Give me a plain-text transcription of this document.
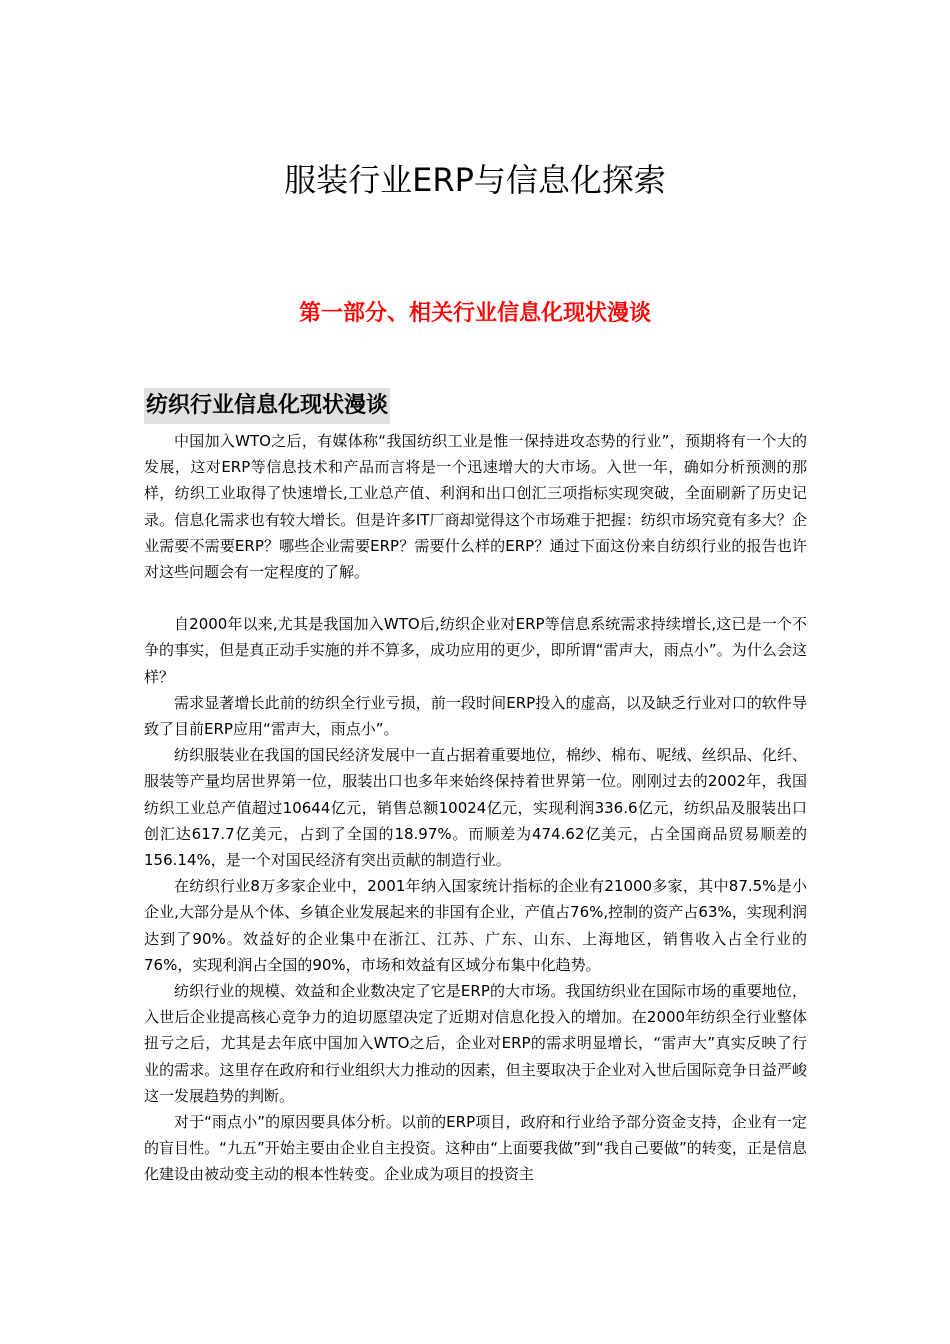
服装行业ERP与信息化探索
第一部分、相关行业信息化现状漫谈
纺织行业信息化现状漫谈

中国加入WTO之后，有媒体称“我国纺织工业是惟一保持进攻态势的行业”，预期将有一个大的发展，这对ERP等信息技术和产品而言将是一个迅速增大的大市场。入世一年，确如分析预测的那样，纺织工业取得了快速增长,工业总产值、利润和出口创汇三项指标实现突破，全面刷新了历史记录。信息化需求也有较大增长。但是许多IT厂商却觉得这个市场难于把握：纺织市场究竟有多大？企业需要不需要ERP？哪些企业需要ERP？需要什么样的ERP？通过下面这份来自纺织行业的报告也许对这些问题会有一定程度的了解。

自2000年以来,尤其是我国加入WTO后,纺织企业对ERP等信息系统需求持续增长,这已是一个不争的事实，但是真正动手实施的并不算多，成功应用的更少，即所谓“雷声大，雨点小”。为什么会这样？

需求显著增长此前的纺织全行业亏损，前一段时间ERP投入的虚高，以及缺乏行业对口的软件导致了目前ERP应用“雷声大，雨点小”。

纺织服装业在我国的国民经济发展中一直占据着重要地位，棉纱、棉布、呢绒、丝织品、化纤、服装等产量均居世界第一位，服装出口也多年来始终保持着世界第一位。刚刚过去的2002年，我国纺织工业总产值超过10644亿元，销售总额10024亿元，实现利润336.6亿元，纺织品及服装出口创汇达617.7亿美元，占到了全国的18.97%。而顺差为474.62亿美元，占全国商品贸易顺差的156.14%，是一个对国民经济有突出贡献的制造行业。

在纺织行业8万多家企业中，2001年纳入国家统计指标的企业有21000多家，其中87.5%是小企业,大部分是从个体、乡镇企业发展起来的非国有企业，产值占76%,控制的资产占63%，实现利润达到了90%。效益好的企业集中在浙江、江苏、广东、山东、上海地区，销售收入占全行业的76%，实现利润占全国的90%，市场和效益有区域分布集中化趋势。

纺织行业的规模、效益和企业数决定了它是ERP的大市场。我国纺织业在国际市场的重要地位，入世后企业提高核心竞争力的迫切愿望决定了近期对信息化投入的增加。在2000年纺织全行业整体扭亏之后，尤其是去年底中国加入WTO之后，企业对ERP的需求明显增长，“雷声大”真实反映了行业的需求。这里存在政府和行业组织大力推动的因素，但主要取决于企业对入世后国际竞争日益严峻这一发展趋势的判断。

对于“雨点小”的原因要具体分析。以前的ERP项目，政府和行业给予部分资金支持，企业有一定的盲目性。“九五”开始主要由企业自主投资。这种由“上面要我做”到“我自己要做”的转变，正是信息化建设由被动变主动的根本性转变。企业成为项目的投资主
